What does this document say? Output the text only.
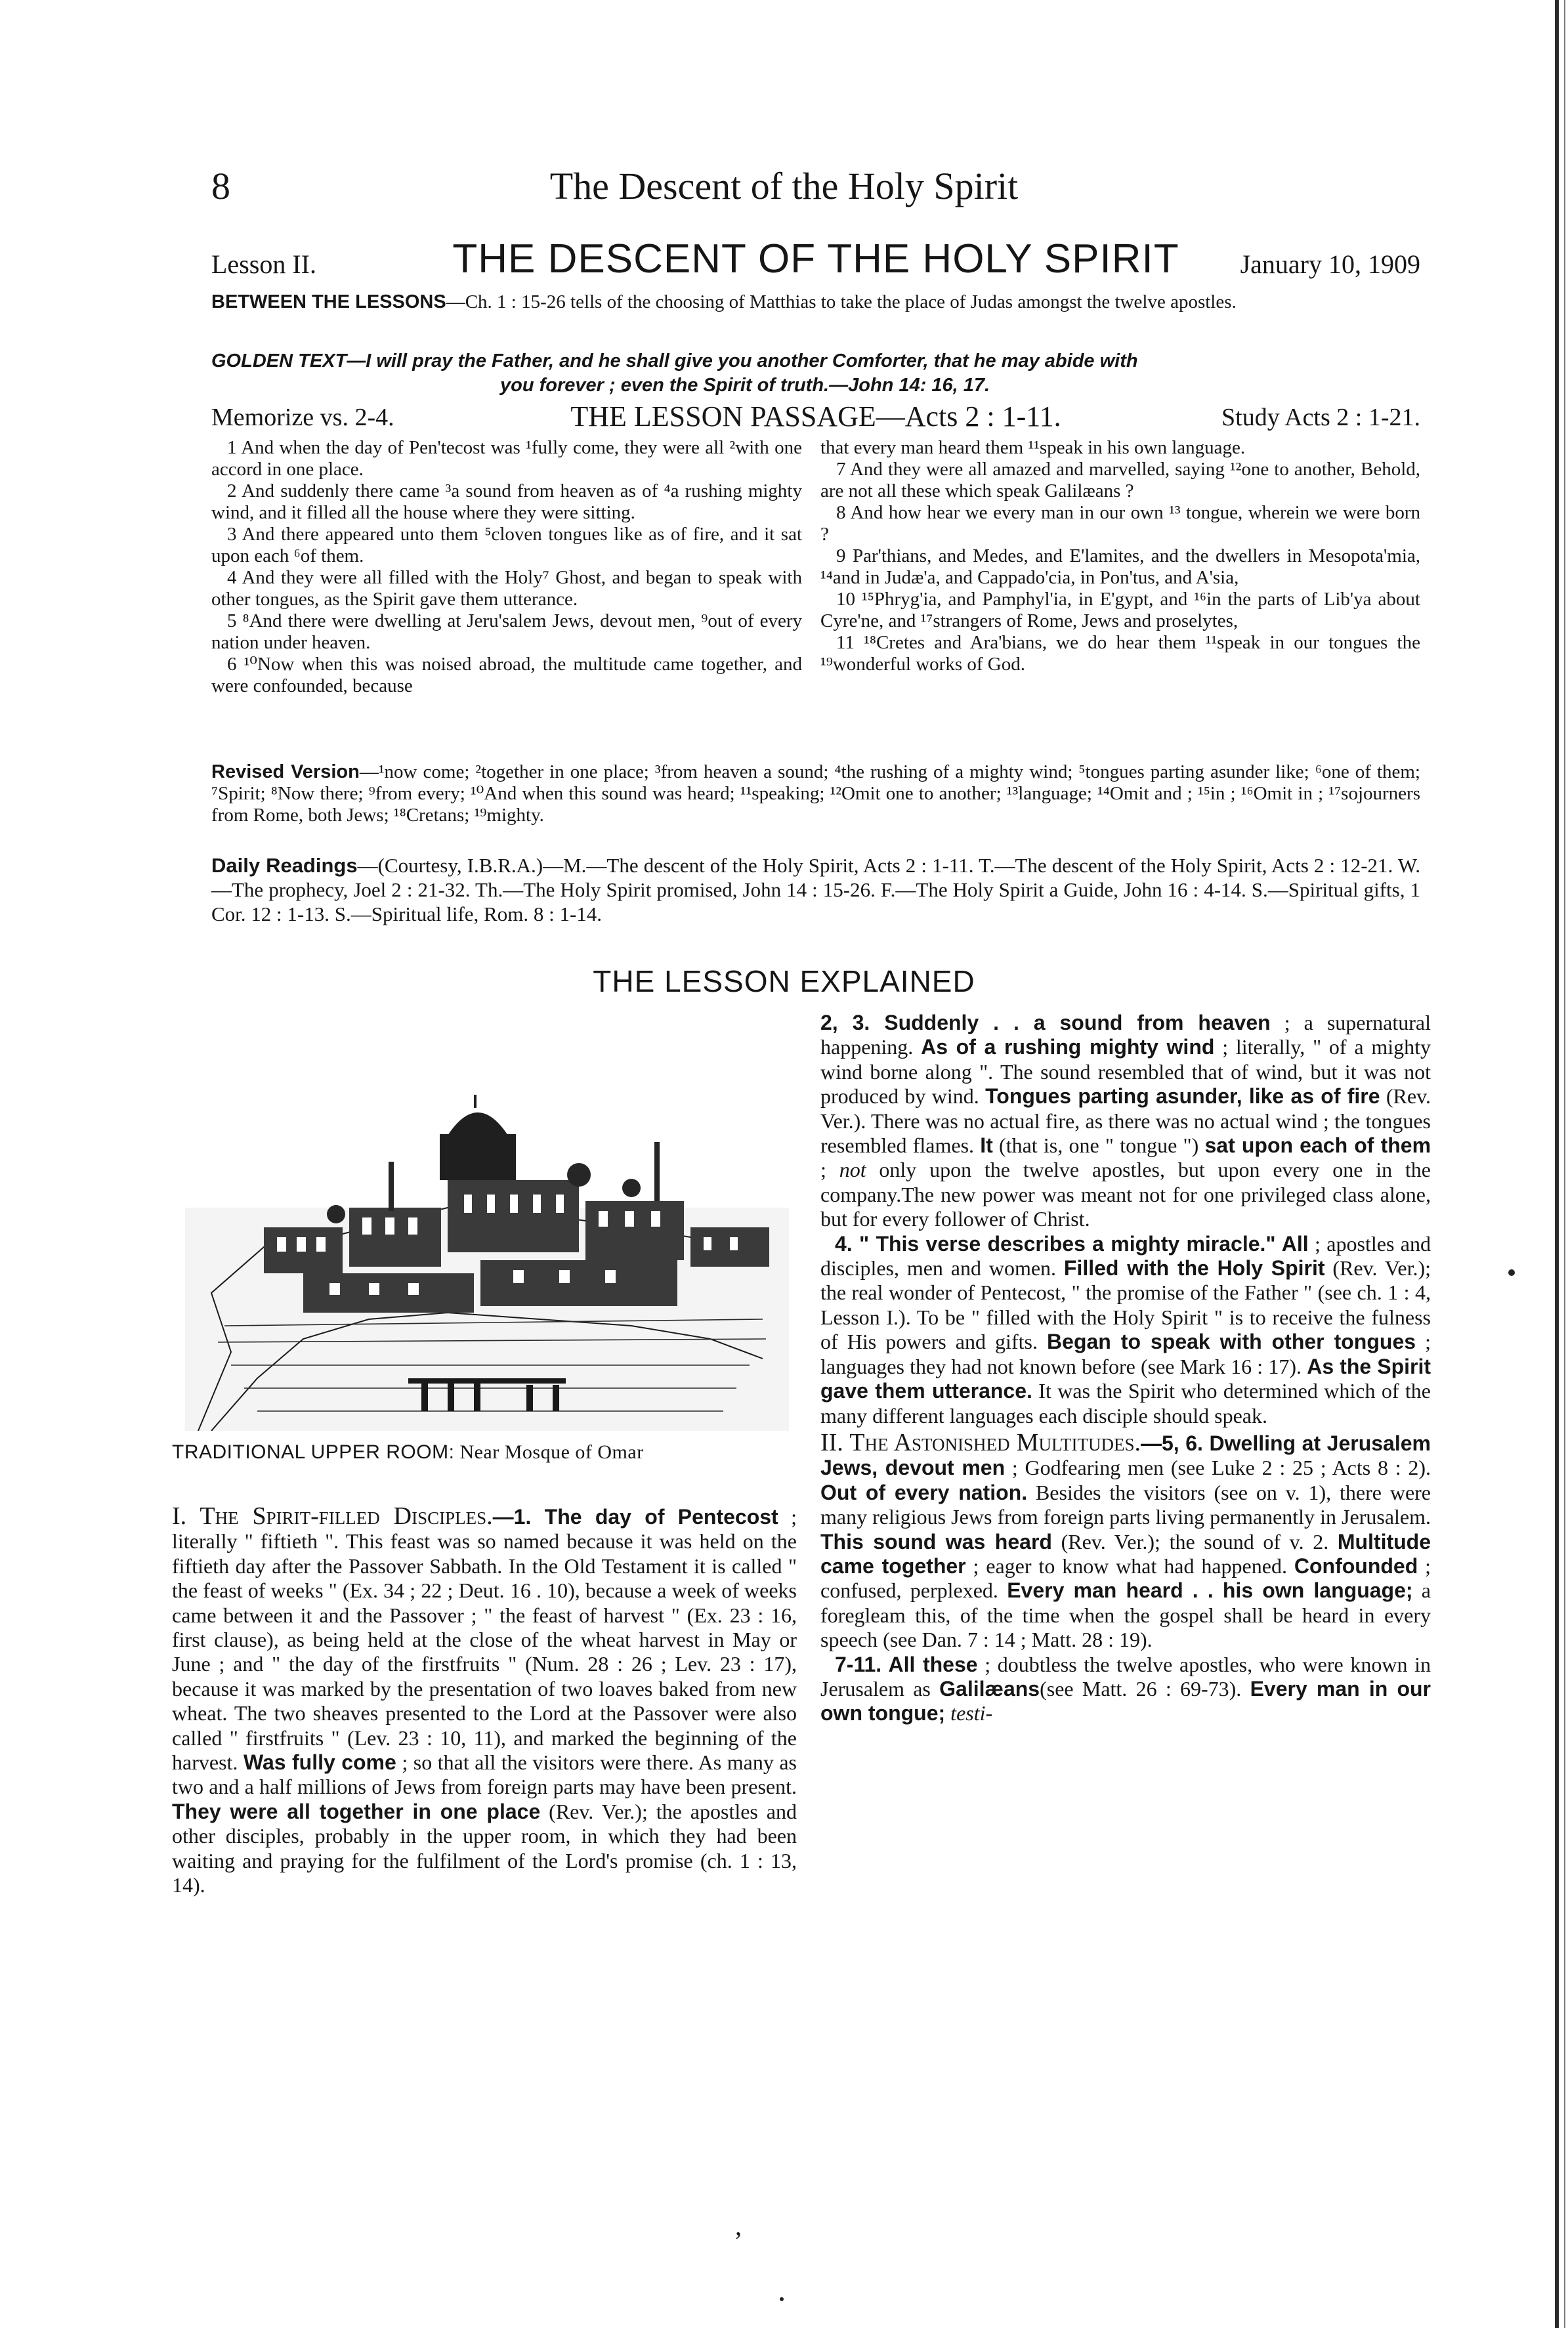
8	The Descent of the Holy Spirit
Lesson II.	THE DESCENT OF THE HOLY SPIRIT	January 10, 1909
BETWEEN THE LESSONS—Ch. 1 : 15-26 tells of the choosing of Matthias to take the place of Judas amongst the twelve apostles.
GOLDEN TEXT—I will pray the Father, and he shall give you another Comforter, that he may abide with
you forever ; even the Spirit of truth.—John 14: 16, 17.
Memorize vs. 2-4.	THE LESSON PASSAGE—Acts 2 : 1-11.	Study Acts 2 : 1-21.

1 And when the day of Pen'tecost was ¹fully come, they were all ²with one accord in one place.

2 And suddenly there came ³a sound from heaven as of ⁴a rushing mighty wind, and it filled all the house where they were sitting.

3 And there appeared unto them ⁵cloven tongues like as of fire, and it sat upon each ⁶of them.

4 And they were all filled with the Holy⁷ Ghost, and began to speak with other tongues, as the Spirit gave them utterance.

5 ⁸And there were dwelling at Jeru'salem Jews, devout men, ⁹out of every nation under heaven.

6 ¹⁰Now when this was noised abroad, the multitude came together, and were confounded, because

that every man heard them ¹¹speak in his own language.

7 And they were all amazed and marvelled, saying ¹²one to another, Behold, are not all these which speak Galilæans ?

8 And how hear we every man in our own ¹³ tongue, wherein we were born ?

9 Par'thians, and Medes, and E'lamites, and the dwellers in Mesopota'mia, ¹⁴and in Judæ'a, and Cappado'cia, in Pon'tus, and A'sia,

10 ¹⁵Phryg'ia, and Pamphyl'ia, in E'gypt, and ¹⁶in the parts of Lib'ya about Cyre'ne, and ¹⁷strangers of Rome, Jews and proselytes,

11 ¹⁸Cretes and Ara'bians, we do hear them ¹¹speak in our tongues the ¹⁹wonderful works of God.

Revised Version—¹now come; ²together in one place; ³from heaven a sound; ⁴the rushing of a mighty wind; ⁵tongues parting asunder like; ⁶one of them; ⁷Spirit; ⁸Now there; ⁹from every; ¹⁰And when this sound was heard; ¹¹speaking; ¹²Omit one to another; ¹³language; ¹⁴Omit and ; ¹⁵in ; ¹⁶Omit in ; ¹⁷sojourners from Rome, both Jews; ¹⁸Cretans; ¹⁹mighty.
Daily Readings—(Courtesy, I.B.R.A.)—M.—The descent of the Holy Spirit, Acts 2 : 1-11. T.—The descent of the Holy Spirit, Acts 2 : 12-21. W.—The prophecy, Joel 2 : 21-32. Th.—The Holy Spirit promised, John 14 : 15-26. F.—The Holy Spirit a Guide, John 16 : 4-14. S.—Spiritual gifts, 1 Cor. 12 : 1-13. S.—Spiritual life, Rom. 8 : 1-14.
THE LESSON EXPLAINED
TRADITIONAL UPPER ROOM: Near Mosque of Omar

I. The Spirit-filled Disciples.—1. The day of Pentecost ; literally " fiftieth ". This feast was so named because it was held on the fiftieth day after the Passover Sabbath. In the Old Testament it is called " the feast of weeks " (Ex. 34 ; 22 ; Deut. 16 . 10), because a week of weeks came between it and the Passover ; " the feast of harvest " (Ex. 23 : 16, first clause), as being held at the close of the wheat harvest in May or June ; and " the day of the firstfruits " (Num. 28 : 26 ; Lev. 23 : 17), because it was marked by the presentation of two loaves baked from new wheat. The two sheaves presented to the Lord at the Passover were also called " firstfruits " (Lev. 23 : 10, 11), and marked the beginning of the harvest. Was fully come ; so that all the visitors were there. As many as two and a half millions of Jews from foreign parts may have been present. They were all together in one place (Rev. Ver.); the apostles and other disciples, probably in the upper room, in which they had been waiting and praying for the fulfilment of the Lord's promise (ch. 1 : 13, 14).

2, 3. Suddenly . . a sound from heaven ; a supernatural happening. As of a rushing mighty wind ; literally, " of a mighty wind borne along ". The sound resembled that of wind, but it was not produced by wind. Tongues parting asunder, like as of fire (Rev. Ver.). There was no actual fire, as there was no actual wind ; the tongues resembled flames. It (that is, one " tongue ") sat upon each of them ; not only upon the twelve apostles, but upon every one in the company.The new power was meant not for one privileged class alone, but for every follower of Christ.

4. " This verse describes a mighty miracle." All ; apostles and disciples, men and women. Filled with the Holy Spirit (Rev. Ver.); the real wonder of Pentecost, " the promise of the Father " (see ch. 1 : 4, Lesson I.). To be " filled with the Holy Spirit " is to receive the fulness of His powers and gifts. Began to speak with other tongues ; languages they had not known before (see Mark 16 : 17). As the Spirit gave them utterance. It was the Spirit who determined which of the many different languages each disciple should speak.

II. The Astonished Multitudes.—5, 6. Dwelling at Jerusalem Jews, devout men ; Godfearing men (see Luke 2 : 25 ; Acts 8 : 2). Out of every nation. Besides the visitors (see on v. 1), there were many religious Jews from foreign parts living permanently in Jerusalem. This sound was heard (Rev. Ver.); the sound of v. 2. Multitude came together ; eager to know what had happened. Confounded ; confused, perplexed. Every man heard . . his own language; a foregleam this, of the time when the gospel shall be heard in every speech (see Dan. 7 : 14 ; Matt. 28 : 19).

7-11. All these ; doubtless the twelve apostles, who were known in Jerusalem as Galilæans(see Matt. 26 : 69-73). Every man in our own tongue; testi-

,
